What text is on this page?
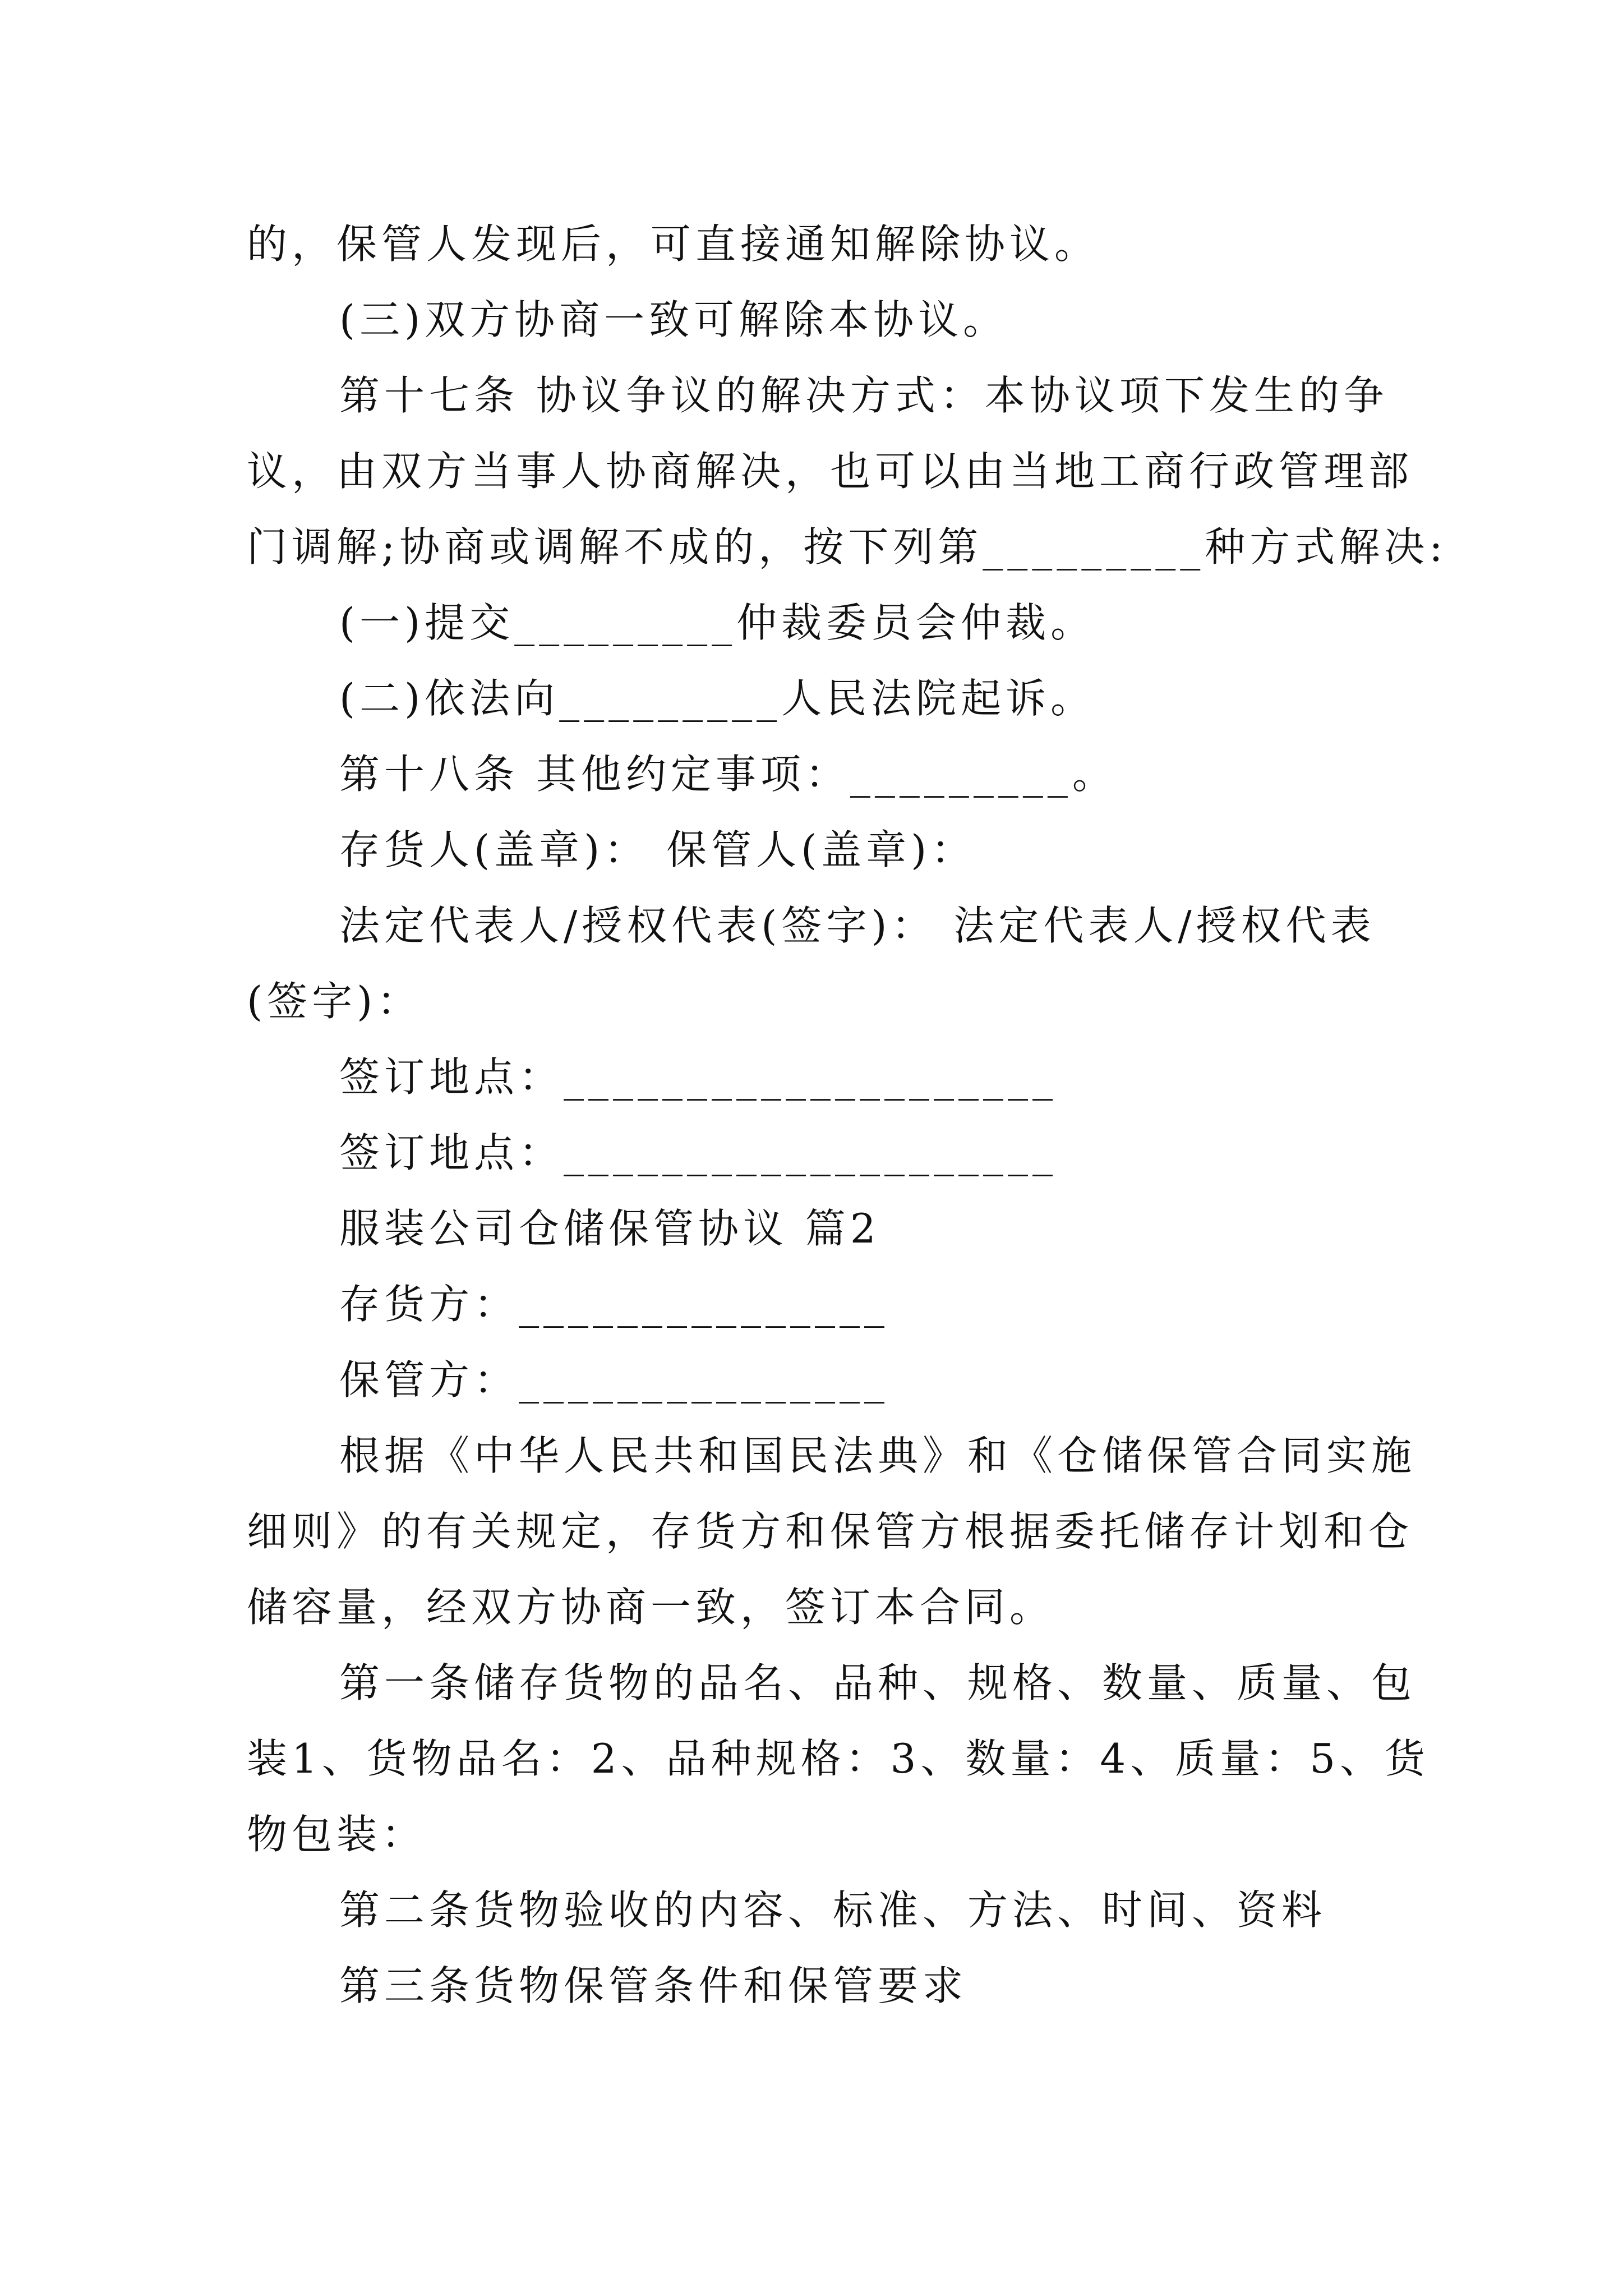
的，保管人发现后，可直接通知解除协议。
(三)双方协商一致可解除本协议。
第十七条 协议争议的解决方式：本协议项下发生的争
议，由双方当事人协商解决，也可以由当地工商行政管理部
门调解;协商或调解不成的，按下列第_________种方式解决:
(一)提交_________仲裁委员会仲裁。
(二)依法向_________人民法院起诉。
第十八条 其他约定事项：_________。
存货人(盖章)： 保管人(盖章)：
法定代表人/授权代表(签字)： 法定代表人/授权代表
(签字)：
签订地点：____________________
签订地点：____________________
服装公司仓储保管协议 篇2
存货方：_______________
保管方：_______________
根据《中华人民共和国民法典》和《仓储保管合同实施
细则》的有关规定，存货方和保管方根据委托储存计划和仓
储容量，经双方协商一致，签订本合同。
第一条储存货物的品名、品种、规格、数量、质量、包
装1、货物品名：2、品种规格：3、数量：4、质量：5、货
物包装：
第二条货物验收的内容、标准、方法、时间、资料
第三条货物保管条件和保管要求
